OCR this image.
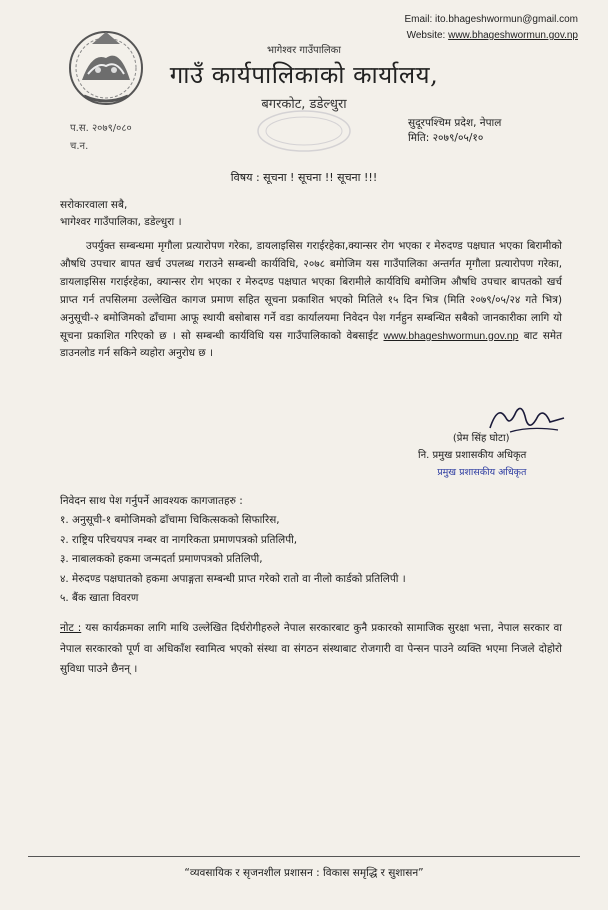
Email: ito.bhageshwormun@gmail.com
Website: www.bhageshwormun.gov.np
भागेश्वर गाउँपालिका
गाउँ कार्यपालिकाको कार्यालय,
बगरकोट, डडेल्धुरा
प.स. २०७९/०८०
च.न.
सुदूरपश्चिम प्रदेश, नेपाल
मिति: २०७९/०५/१०
विषय : सूचना ! सूचना !! सूचना !!!
सरोकारवाला सबै,
भागेश्वर गाउँपालिका, डडेल्धुरा ।
उपर्युक्त सम्बन्धमा मृगौला प्रत्यारोपण गरेका, डायलाइसिस गराईरहेका,क्यान्सर रोग भएका र मेरुदण्ड पक्षघात भएका बिरामीको औषधि उपचार बापत खर्च उपलब्ध गराउने सम्बन्धी कार्यविधि, २०७८ बमोजिम यस गाउँपालिका अन्तर्गत मृगौला प्रत्यारोपण गरेका, डायलाइसिस गराईरहेका, क्यान्सर रोग भएका र मेरुदण्ड पक्षघात भएका बिरामीले कार्यविधि बमोजिम औषधि उपचार बापतको खर्च प्राप्त गर्न तपसिलमा उल्लेखित कागज प्रमाण सहित सूचना प्रकाशित भएको मितिले १५ दिन भित्र (मिति २०७९/०५/२४ गते भित्र) अनुसूची-२ बमोजिमको ढाँचामा आफू स्थायी बसोबास गर्ने वडा कार्यालयमा निवेदन पेश गर्नहुन सम्बन्धित सबैको जानकारीका लागि यो सूचना प्रकाशित गरिएको छ । सो सम्बन्धी कार्यविधि यस गाउँपालिकाको वेबसाईट www.bhageshwormun.gov.np बाट समेत डाउनलोड गर्न सकिने व्यहोरा अनुरोध छ ।
(प्रेम सिंह घोटा)
नि. प्रमुख प्रशासकीय अधिकृत
प्रमुख प्रशासकीय अधिकृत
निवेदन साथ पेश गर्नुपर्ने आवश्यक कागजातहरु :
१. अनुसूची-१ बमोजिमको ढाँचामा चिकित्सकको सिफारिस,
२. राष्ट्रिय परिचयपत्र नम्बर वा नागरिकता प्रमाणपत्रको प्रतिलिपी,
३. नाबालकको हकमा जन्मदर्ता प्रमाणपत्रको प्रतिलिपी,
४. मेरुदण्ड पक्षघातको हकमा अपाङ्गता सम्बन्धी प्राप्त गरेको रातो वा नीलो कार्डको प्रतिलिपी ।
५. बैंक खाता विवरण
नोट : यस कार्यक्रमका लागि माथि उल्लेखित दिर्घरोगीहरुले नेपाल सरकारबाट कुनै प्रकारको सामाजिक सुरक्षा भत्ता, नेपाल सरकार वा नेपाल सरकारको पूर्ण वा अधिकाँश स्वामित्व भएको संस्था वा संगठन संस्थाबाट रोजगारी वा पेन्सन पाउने व्यक्ति भएमा निजले दोहोरो सुविधा पाउने छैनन् ।
“व्यवसायिक र सृजनशील प्रशासन : विकास समृद्धि र सुशासन”
